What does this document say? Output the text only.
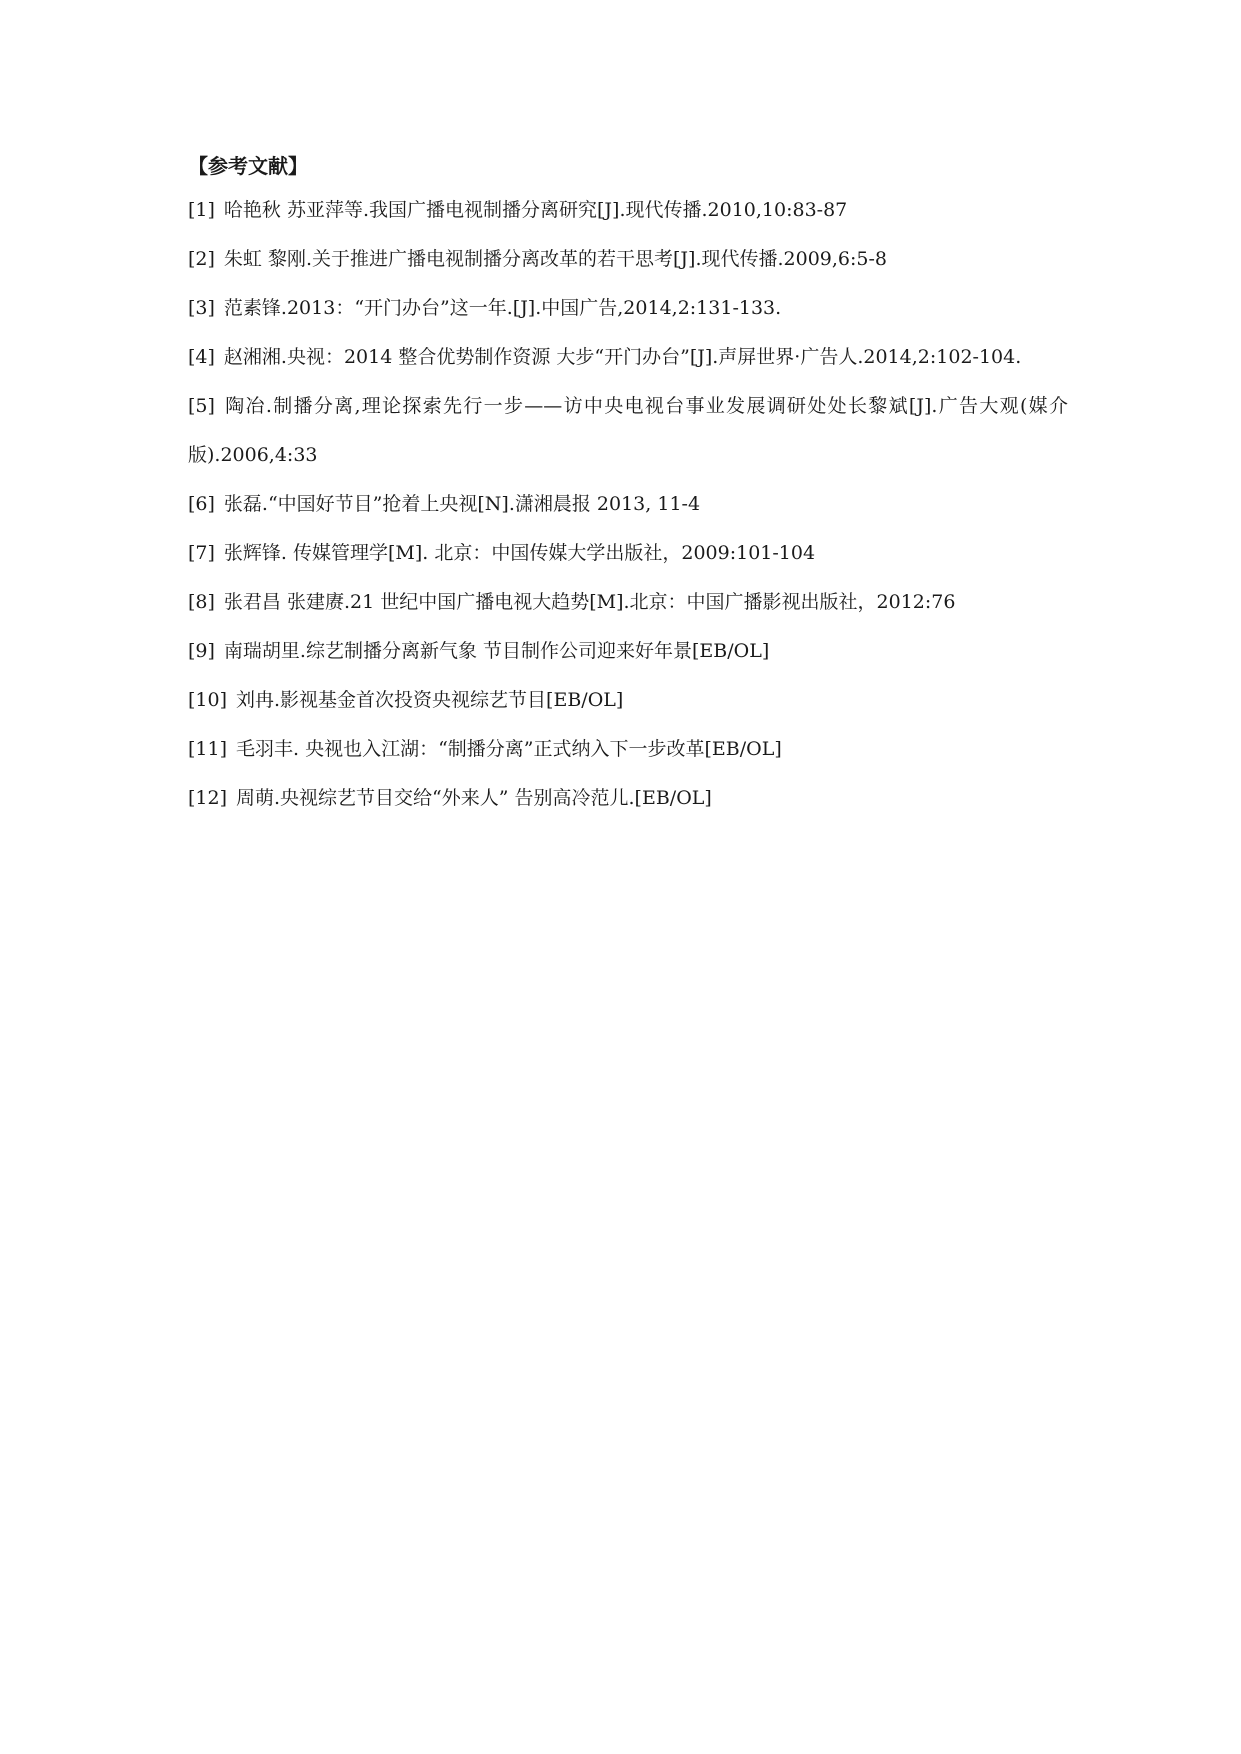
【参考文献】

[1] 哈艳秋 苏亚萍等.我国广播电视制播分离研究[J].现代传播.2010,10:83-87

[2] 朱虹 黎刚.关于推进广播电视制播分离改革的若干思考[J].现代传播.2009,6:5-8

[3] 范素锋.2013：“开门办台”这一年.[J].中国广告,2014,2:131-133.

[4] 赵湘湘.央视：2014 整合优势制作资源 大步“开门办台”[J].声屏世界·广告人.2014,2:102-104.

[5] 陶冶.制播分离,理论探索先行一步——访中央电视台事业发展调研处处长黎斌[J].广告大观(媒介版).2006,4:33

[6] 张磊.“中国好节目”抢着上央视[N].潇湘晨报 2013, 11-4

[7] 张辉锋. 传媒管理学[M]. 北京：中国传媒大学出版社，2009:101-104

[8] 张君昌 张建赓.21 世纪中国广播电视大趋势[M].北京：中国广播影视出版社，2012:76

[9] 南瑞胡里.综艺制播分离新气象 节目制作公司迎来好年景[EB/OL]

[10] 刘冉.影视基金首次投资央视综艺节目[EB/OL]

[11] 毛羽丰. 央视也入江湖：“制播分离”正式纳入下一步改革[EB/OL]

[12] 周萌.央视综艺节目交给“外来人” 告别高冷范儿.[EB/OL]
